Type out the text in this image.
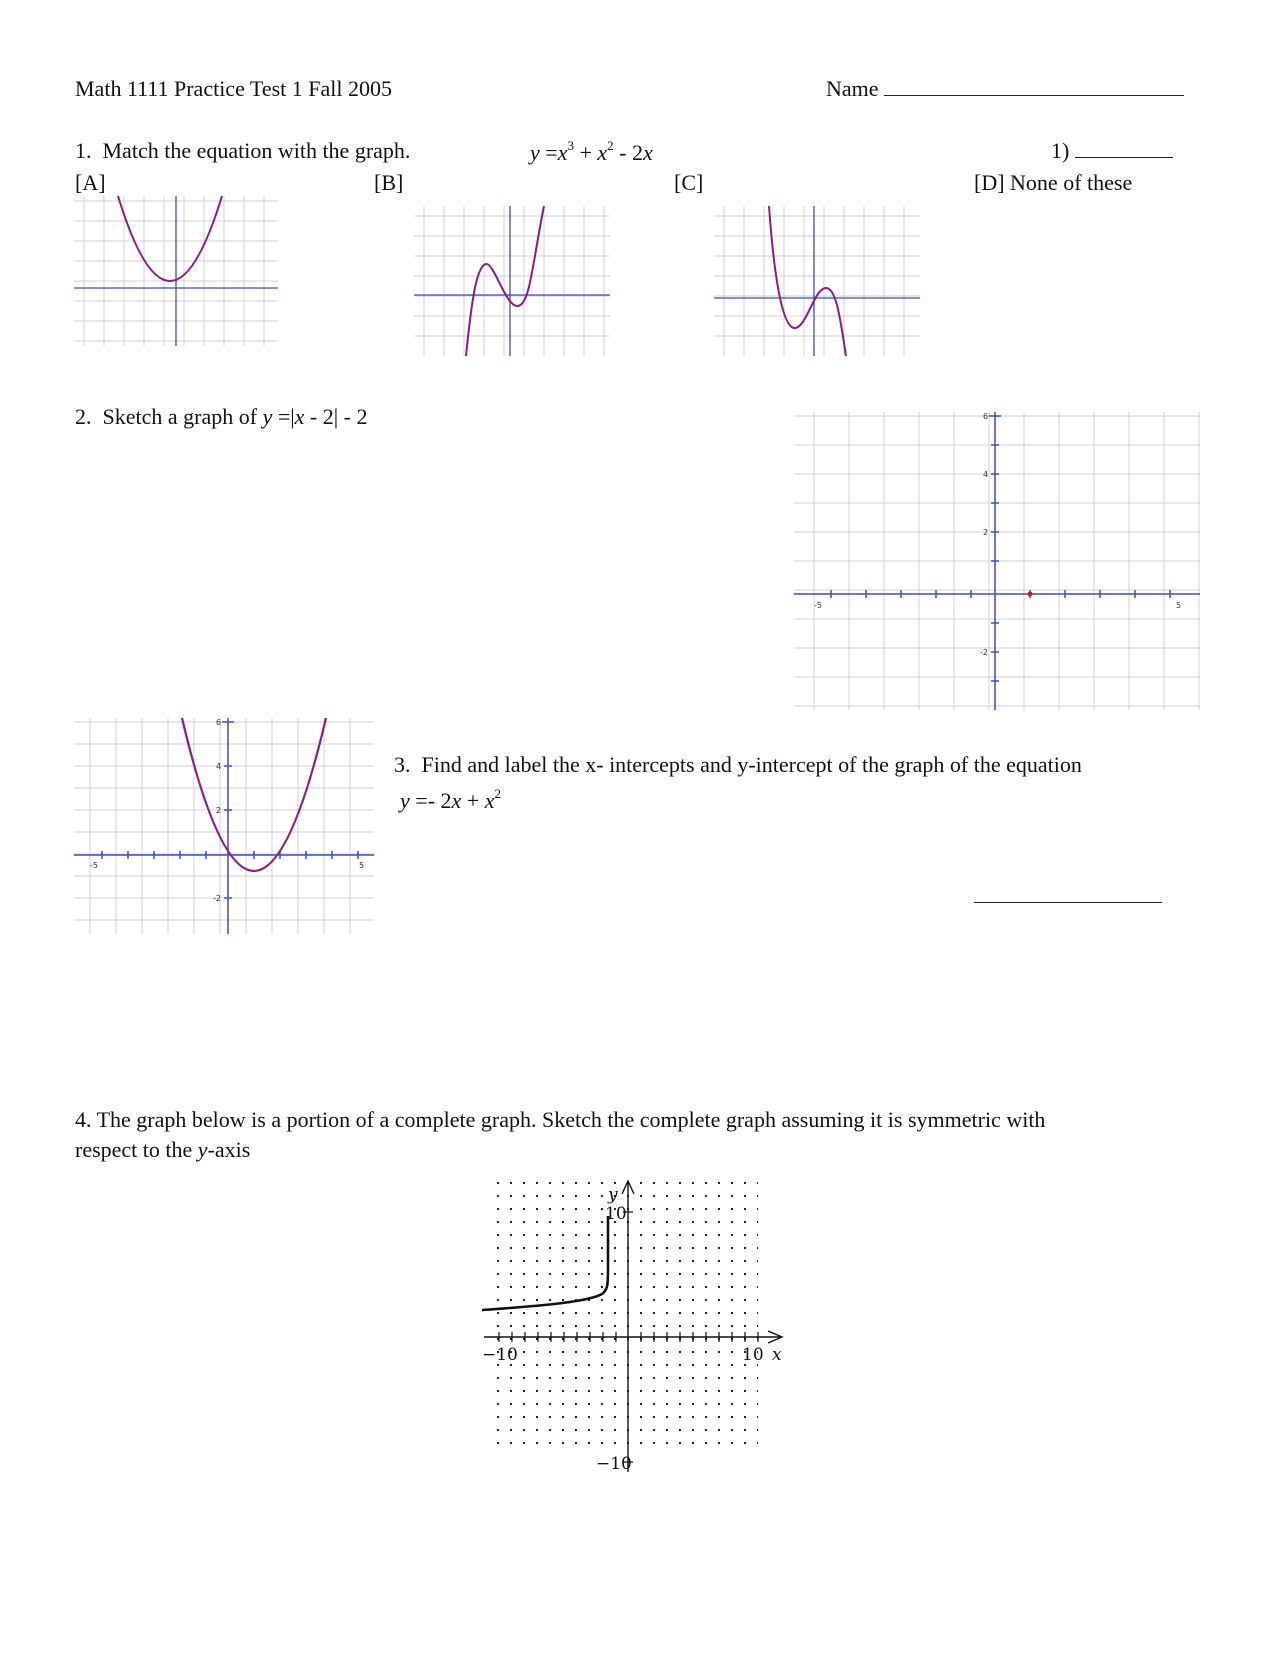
Math 1111 Practice Test 1 Fall 2005	Name
1. Match the equation with the graph.	$y =x^3 + x^2 - 2x$	1)
[A]	[B]	[C]	[D] None of these
2. Sketch a graph of y =|x - 2| - 2
-5	5
4
2
-2
6
-5	5
4
2
-2
6
3. Find and label the x- intercepts and y-intercept of the graph of the equation
$y =- 2x + x^2$
4. The graph below is a portion of a complete graph. Sketch the complete graph assuming it is symmetric with
respect to the y-axis
y
10
−10
−10	10 x
